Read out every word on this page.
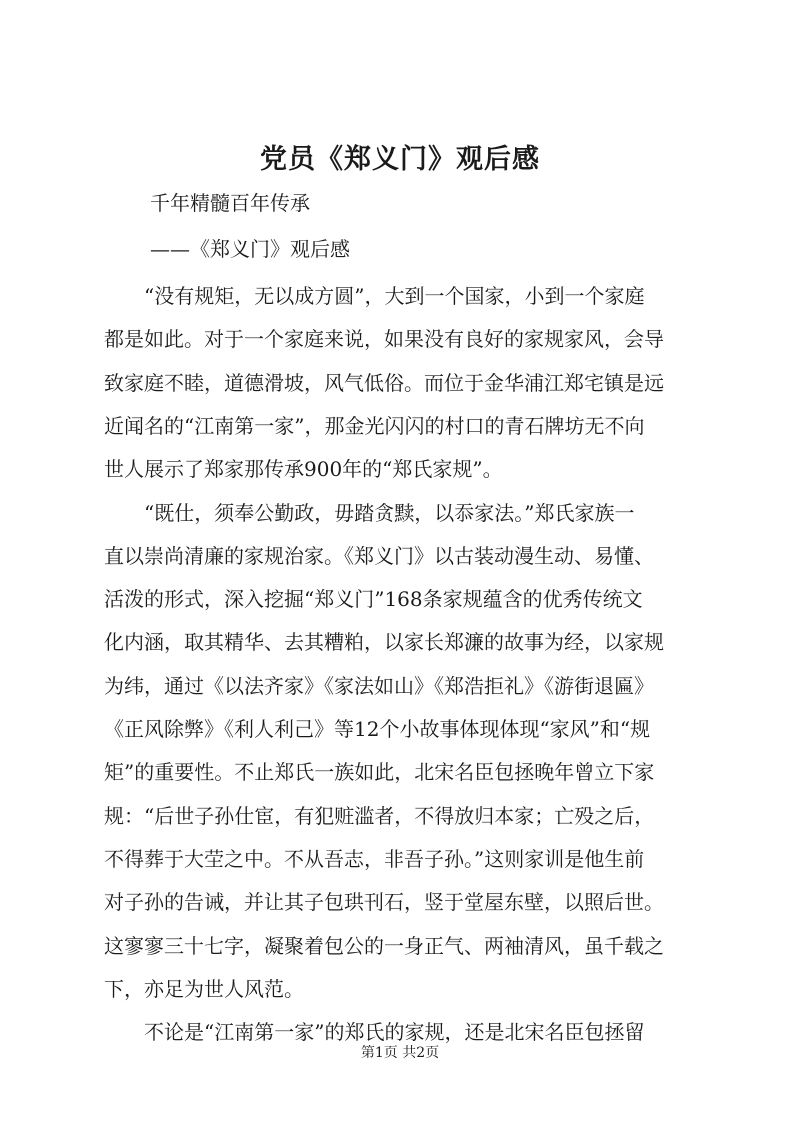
党员《郑义门》观后感
千年精髓百年传承
——《郑义门》观后感
“没有规矩，无以成方圆”，大到一个国家，小到一个家庭
都是如此。对于一个家庭来说，如果没有良好的家规家风，会导
致家庭不睦，道德滑坡，风气低俗。而位于金华浦江郑宅镇是远
近闻名的“江南第一家”，那金光闪闪的村口的青石牌坊无不向
世人展示了郑家那传承900年的“郑氏家规”。
“既仕，须奉公勤政，毋踏贪黩，以忝家法。”郑氏家族一
直以崇尚清廉的家规治家。《郑义门》以古装动漫生动、易懂、
活泼的形式，深入挖掘“郑义门”168条家规蕴含的优秀传统文
化内涵，取其精华、去其糟粕，以家长郑濂的故事为经，以家规
为纬，通过《以法齐家》《家法如山》《郑浩拒礼》《游街退匾》
《正风除弊》《利人利己》等12个小故事体现体现“家风”和“规
矩”的重要性。不止郑氏一族如此，北宋名臣包拯晚年曾立下家
规：“后世子孙仕宦，有犯赃滥者，不得放归本家；亡殁之后，
不得葬于大茔之中。不从吾志，非吾子孙。”这则家训是他生前
对子孙的告诫，并让其子包珙刊石，竖于堂屋东壁，以照后世。
这寥寥三十七字，凝聚着包公的一身正气、两袖清风，虽千载之
下，亦足为世人风范。
不论是“江南第一家”的郑氏的家规，还是北宋名臣包拯留
第1页 共2页
